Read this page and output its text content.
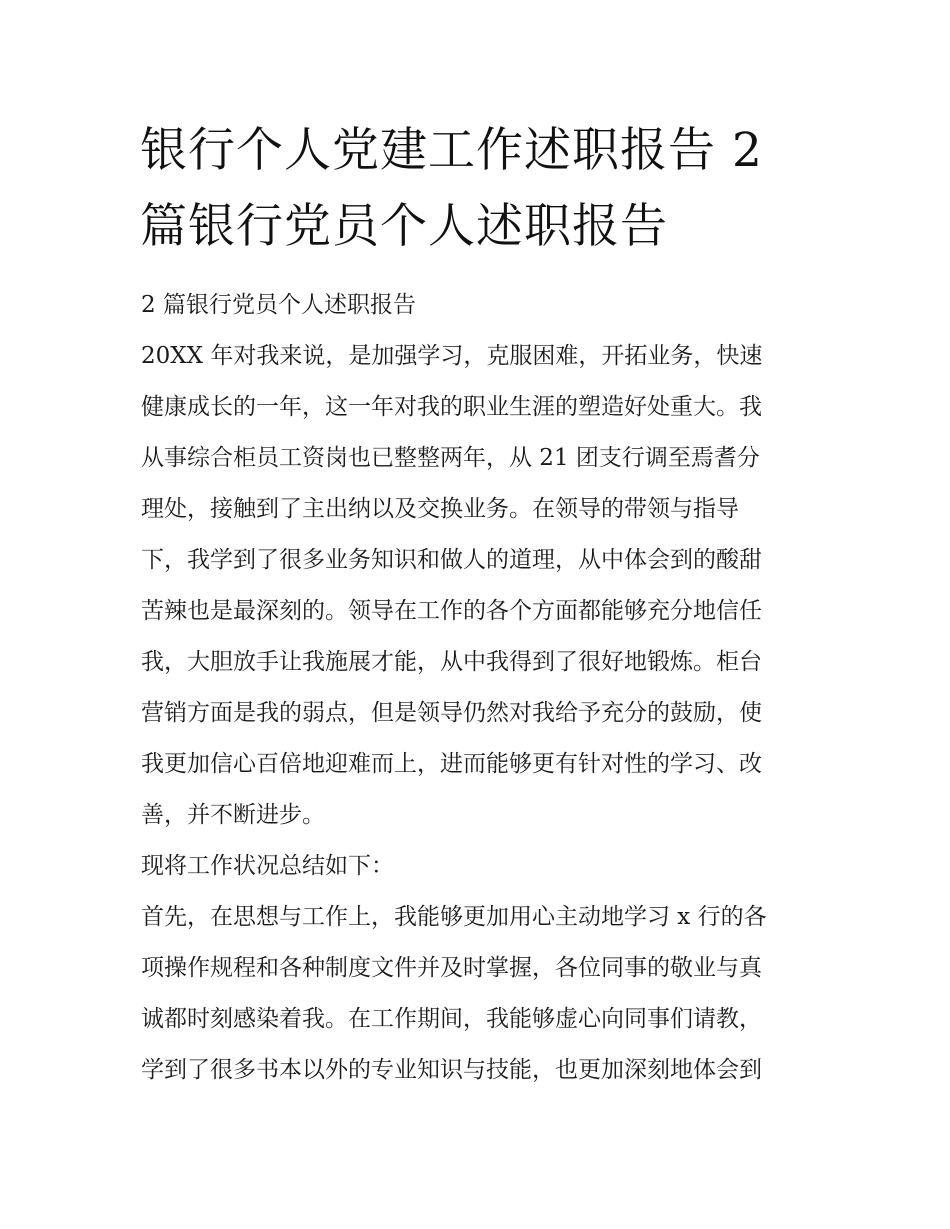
银行个人党建工作述职报告 2
篇银行党员个人述职报告
2 篇银行党员个人述职报告
20XX 年对我来说，是加强学习，克服困难，开拓业务，快速
健康成长的一年，这一年对我的职业生涯的塑造好处重大。我
从事综合柜员工资岗也已整整两年，从 21 团支行调至焉耆分
理处，接触到了主出纳以及交换业务。在领导的带领与指导
下，我学到了很多业务知识和做人的道理，从中体会到的酸甜
苦辣也是最深刻的。领导在工作的各个方面都能够充分地信任
我，大胆放手让我施展才能，从中我得到了很好地锻炼。柜台
营销方面是我的弱点，但是领导仍然对我给予充分的鼓励，使
我更加信心百倍地迎难而上，进而能够更有针对性的学习、改
善，并不断进步。
现将工作状况总结如下：
首先，在思想与工作上，我能够更加用心主动地学习 x 行的各
项操作规程和各种制度文件并及时掌握，各位同事的敬业与真
诚都时刻感染着我。在工作期间，我能够虚心向同事们请教，
学到了很多书本以外的专业知识与技能，也更加深刻地体会到
